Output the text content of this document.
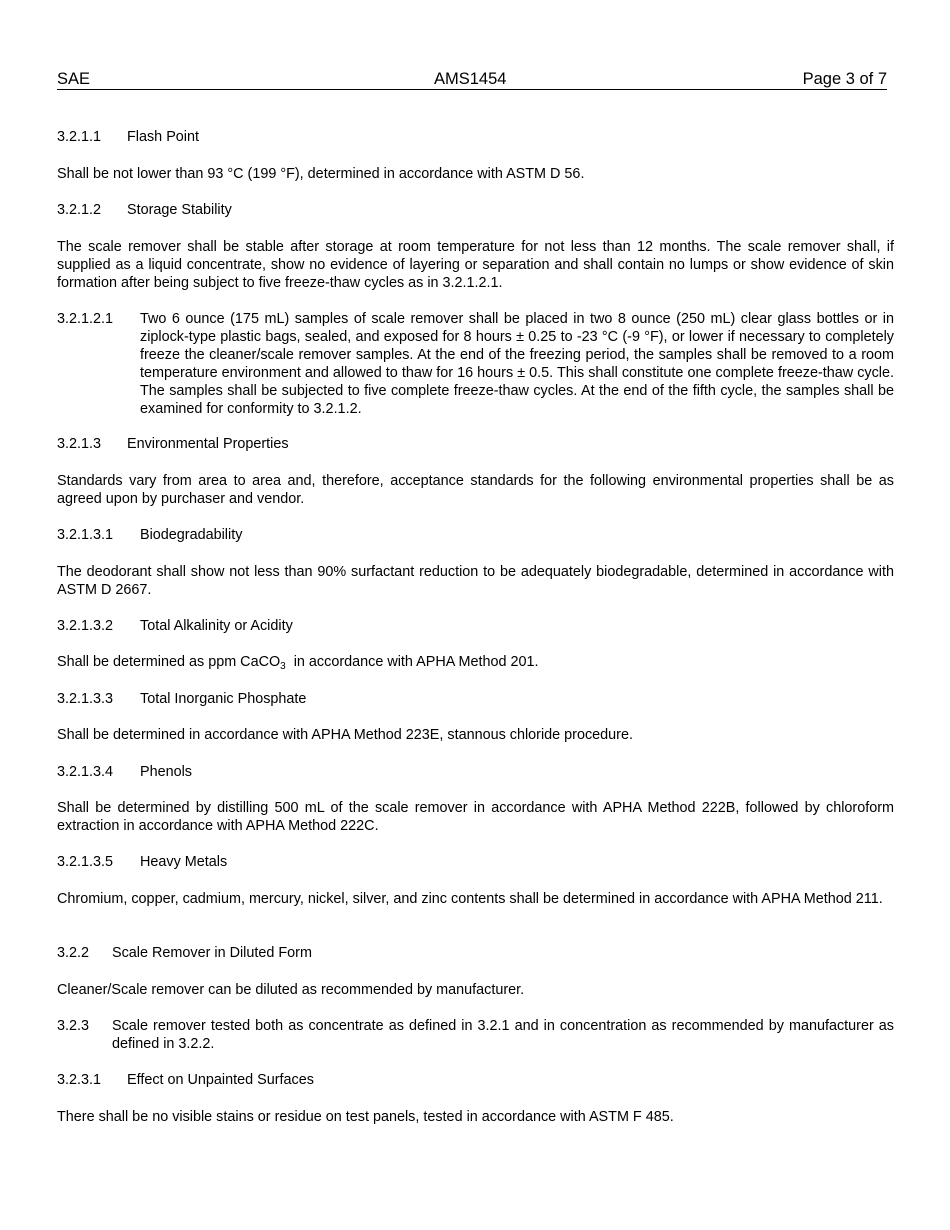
SAE	AMS1454	Page 3 of 7
3.2.1.1 Flash Point
Shall be not lower than 93 °C (199 °F), determined in accordance with ASTM D 56.
3.2.1.2 Storage Stability
The scale remover shall be stable after storage at room temperature for not less than 12 months. The scale remover shall, if supplied as a liquid concentrate, show no evidence of layering or separation and shall contain no lumps or show evidence of skin formation after being subject to five freeze-thaw cycles as in 3.2.1.2.1.
3.2.1.2.1	Two 6 ounce (175 mL) samples of scale remover shall be placed in two 8 ounce (250 mL) clear glass bottles or in ziplock-type plastic bags, sealed, and exposed for 8 hours ± 0.25 to -23 °C (-9 °F), or lower if necessary to completely freeze the cleaner/scale remover samples. At the end of the freezing period, the samples shall be removed to a room temperature environment and allowed to thaw for 16 hours ± 0.5. This shall constitute one complete freeze-thaw cycle. The samples shall be subjected to five complete freeze-thaw cycles. At the end of the fifth cycle, the samples shall be examined for conformity to 3.2.1.2.
3.2.1.3 Environmental Properties
Standards vary from area to area and, therefore, acceptance standards for the following environmental properties shall be as agreed upon by purchaser and vendor.
3.2.1.3.1 Biodegradability
The deodorant shall show not less than 90% surfactant reduction to be adequately biodegradable, determined in accordance with ASTM D 2667.
3.2.1.3.2 Total Alkalinity or Acidity
Shall be determined as ppm CaCO$_3$  in accordance with APHA Method 201.
3.2.1.3.3 Total Inorganic Phosphate
Shall be determined in accordance with APHA Method 223E, stannous chloride procedure.
3.2.1.3.4 Phenols
Shall be determined by distilling 500 mL of the scale remover in accordance with APHA Method 222B, followed by chloroform extraction in accordance with APHA Method 222C.
3.2.1.3.5 Heavy Metals
Chromium, copper, cadmium, mercury, nickel, silver, and zinc contents shall be determined in accordance with APHA Method 211.
3.2.2 Scale Remover in Diluted Form
Cleaner/Scale remover can be diluted as recommended by manufacturer.
3.2.3	Scale remover tested both as concentrate as defined in 3.2.1 and in concentration as recommended by manufacturer as defined in 3.2.2.
3.2.3.1 Effect on Unpainted Surfaces
There shall be no visible stains or residue on test panels, tested in accordance with ASTM F 485.
